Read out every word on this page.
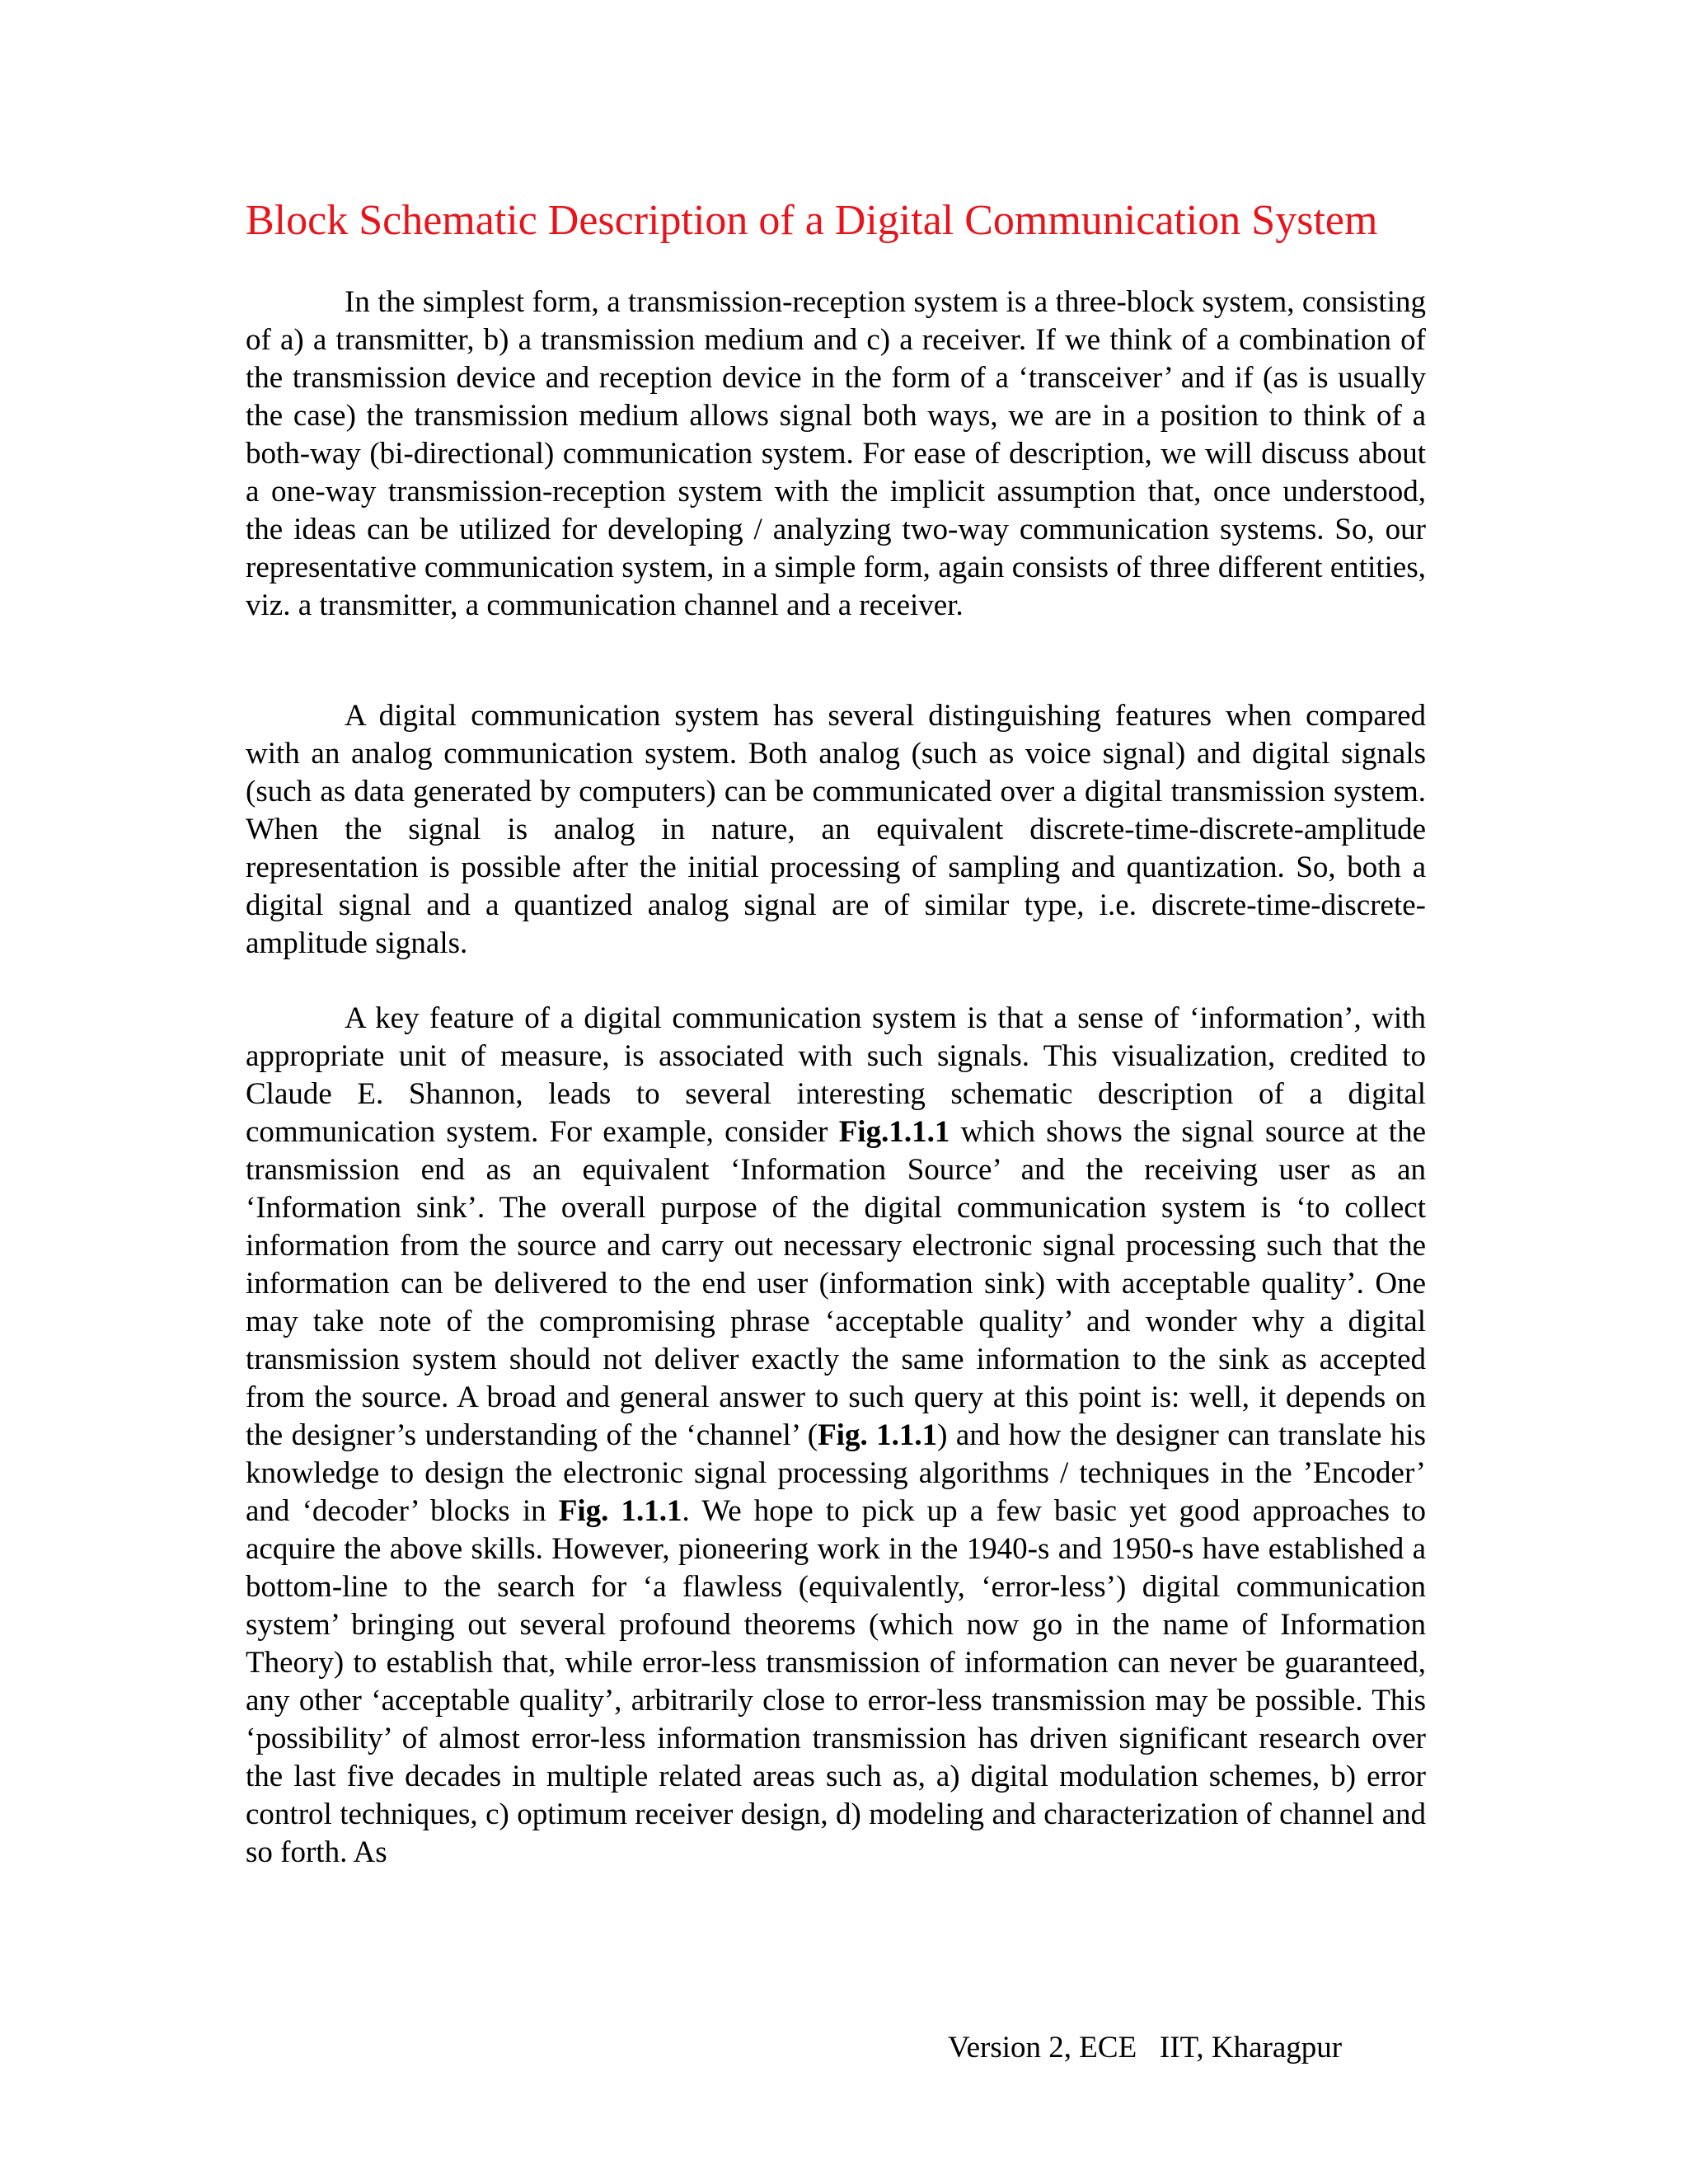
Block Schematic Description of a Digital Communication System

In the simplest form, a transmission-reception system is a three-block system, consisting of a) a transmitter, b) a transmission medium and c) a receiver. If we think of a combination of the transmission device and reception device in the form of a ‘transceiver’ and if (as is usually the case) the transmission medium allows signal both ways, we are in a position to think of a both-way (bi-directional) communication system. For ease of description, we will discuss about a one-way transmission-reception system with the implicit assumption that, once understood, the ideas can be utilized for developing / analyzing two-way communication systems. So, our representative communication system, in a simple form, again consists of three different entities, viz. a transmitter, a communication channel and a receiver.

A digital communication system has several distinguishing features when compared with an analog communication system. Both analog (such as voice signal) and digital signals (such as data generated by computers) can be communicated over a digital transmission system. When the signal is analog in nature, an equivalent discrete-time-discrete-amplitude representation is possible after the initial processing of sampling and quantization. So, both a digital signal and a quantized analog signal are of similar type, i.e. discrete-time-discrete-amplitude signals.

A key feature of a digital communication system is that a sense of ‘information’, with appropriate unit of measure, is associated with such signals. This visualization, credited to Claude E. Shannon, leads to several interesting schematic description of a digital communication system. For example, consider Fig.1.1.1 which shows the signal source at the transmission end as an equivalent ‘Information Source’ and the receiving user as an ‘Information sink’. The overall purpose of the digital communication system is ‘to collect information from the source and carry out necessary electronic signal processing such that the information can be delivered to the end user (information sink) with acceptable quality’. One may take note of the compromising phrase ‘acceptable quality’ and wonder why a digital transmission system should not deliver exactly the same information to the sink as accepted from the source. A broad and general answer to such query at this point is: well, it depends on the designer’s understanding of the ‘channel’ (Fig. 1.1.1) and how the designer can translate his knowledge to design the electronic signal processing algorithms / techniques in the ’Encoder’ and ‘decoder’ blocks in Fig. 1.1.1. We hope to pick up a few basic yet good approaches to acquire the above skills. However, pioneering work in the 1940-s and 1950-s have established a bottom-line to the search for ‘a flawless (equivalently, ‘error-less’) digital communication system’ bringing out several profound theorems (which now go in the name of Information Theory) to establish that, while error-less transmission of information can never be guaranteed, any other ‘acceptable quality’, arbitrarily close to error-less transmission may be possible. This ‘possibility’ of almost error-less information transmission has driven significant research over the last five decades in multiple related areas such as, a) digital modulation schemes, b) error control techniques, c) optimum receiver design, d) modeling and characterization of channel and so forth. As

Version 2, ECE   IIT, Kharagpur
